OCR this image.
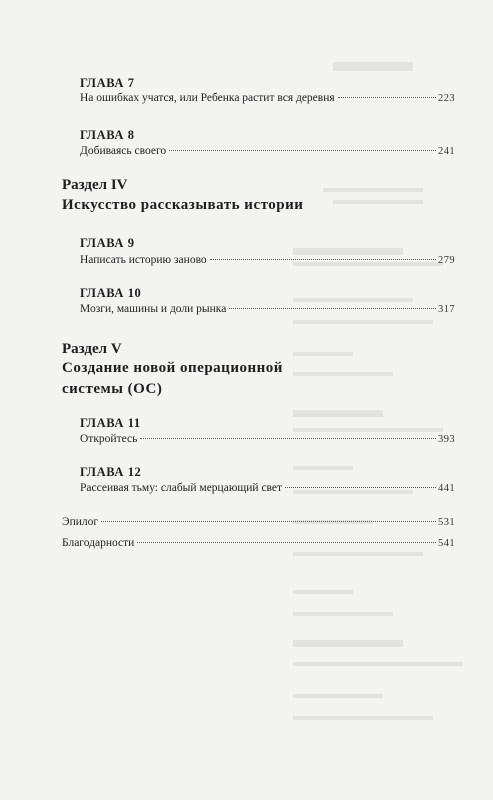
ГЛАВА 7
На ошибках учатся, или Ребенка растит вся деревня	223
ГЛАВА 8
Добиваясь своего	241
Раздел IV
Искусство рассказывать истории
ГЛАВА 9
Написать историю заново	279
ГЛАВА 10
Мозги, машины и доли рынка	317
Раздел V
Создание новой операционной
системы (ОС)
ГЛАВА 11
Откройтесь	393
ГЛАВА 12
Рассеивая тьму: слабый мерцающий свет	441
Эпилог	531
Благодарности	541
